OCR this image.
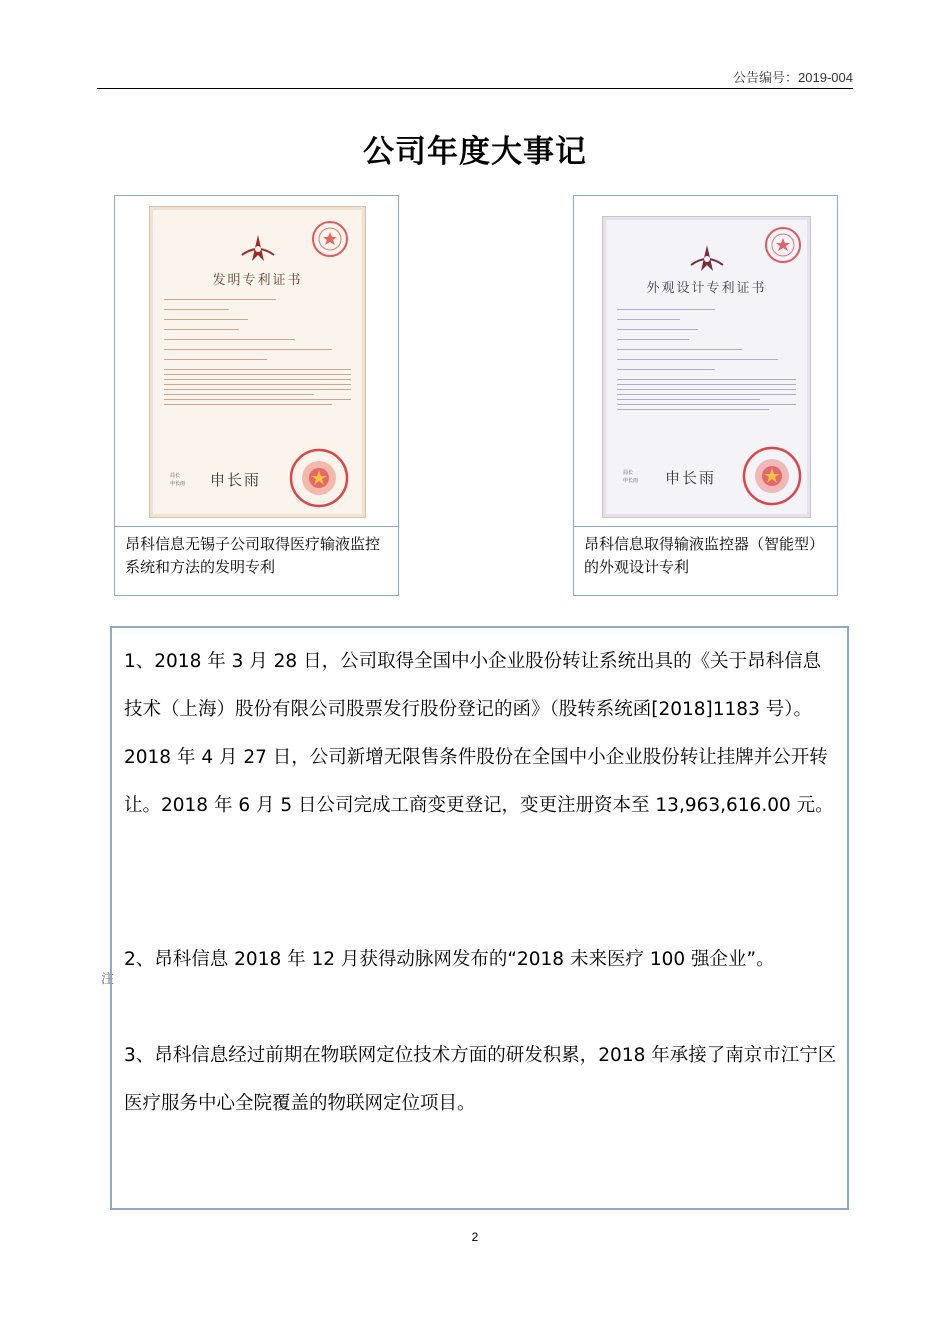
公告编号：2019-004
公司年度大事记
发明专利证书
局长
申长雨 申长雨
昂科信息无锡子公司取得医疗输液监控系统和方法的发明专利
外观设计专利证书
局长
申长雨 申长雨
昂科信息取得输液监控器（智能型）的外观设计专利
注
1、2018 年 3 月 28 日，公司取得全国中小企业股份转让系统出具的《关于昂科信息技术（上海）股份有限公司股票发行股份登记的函》（股转系统函[2018]1183 号）。2018 年 4 月 27 日，公司新增无限售条件股份在全国中小企业股份转让挂牌并公开转让。2018 年 6 月 5 日公司完成工商变更登记，变更注册资本至 13,963,616.00 元。
2、昂科信息 2018 年 12 月获得动脉网发布的“2018 未来医疗 100 强企业”。
3、昂科信息经过前期在物联网定位技术方面的研发积累，2018 年承接了南京市江宁区医疗服务中心全院覆盖的物联网定位项目。
2
